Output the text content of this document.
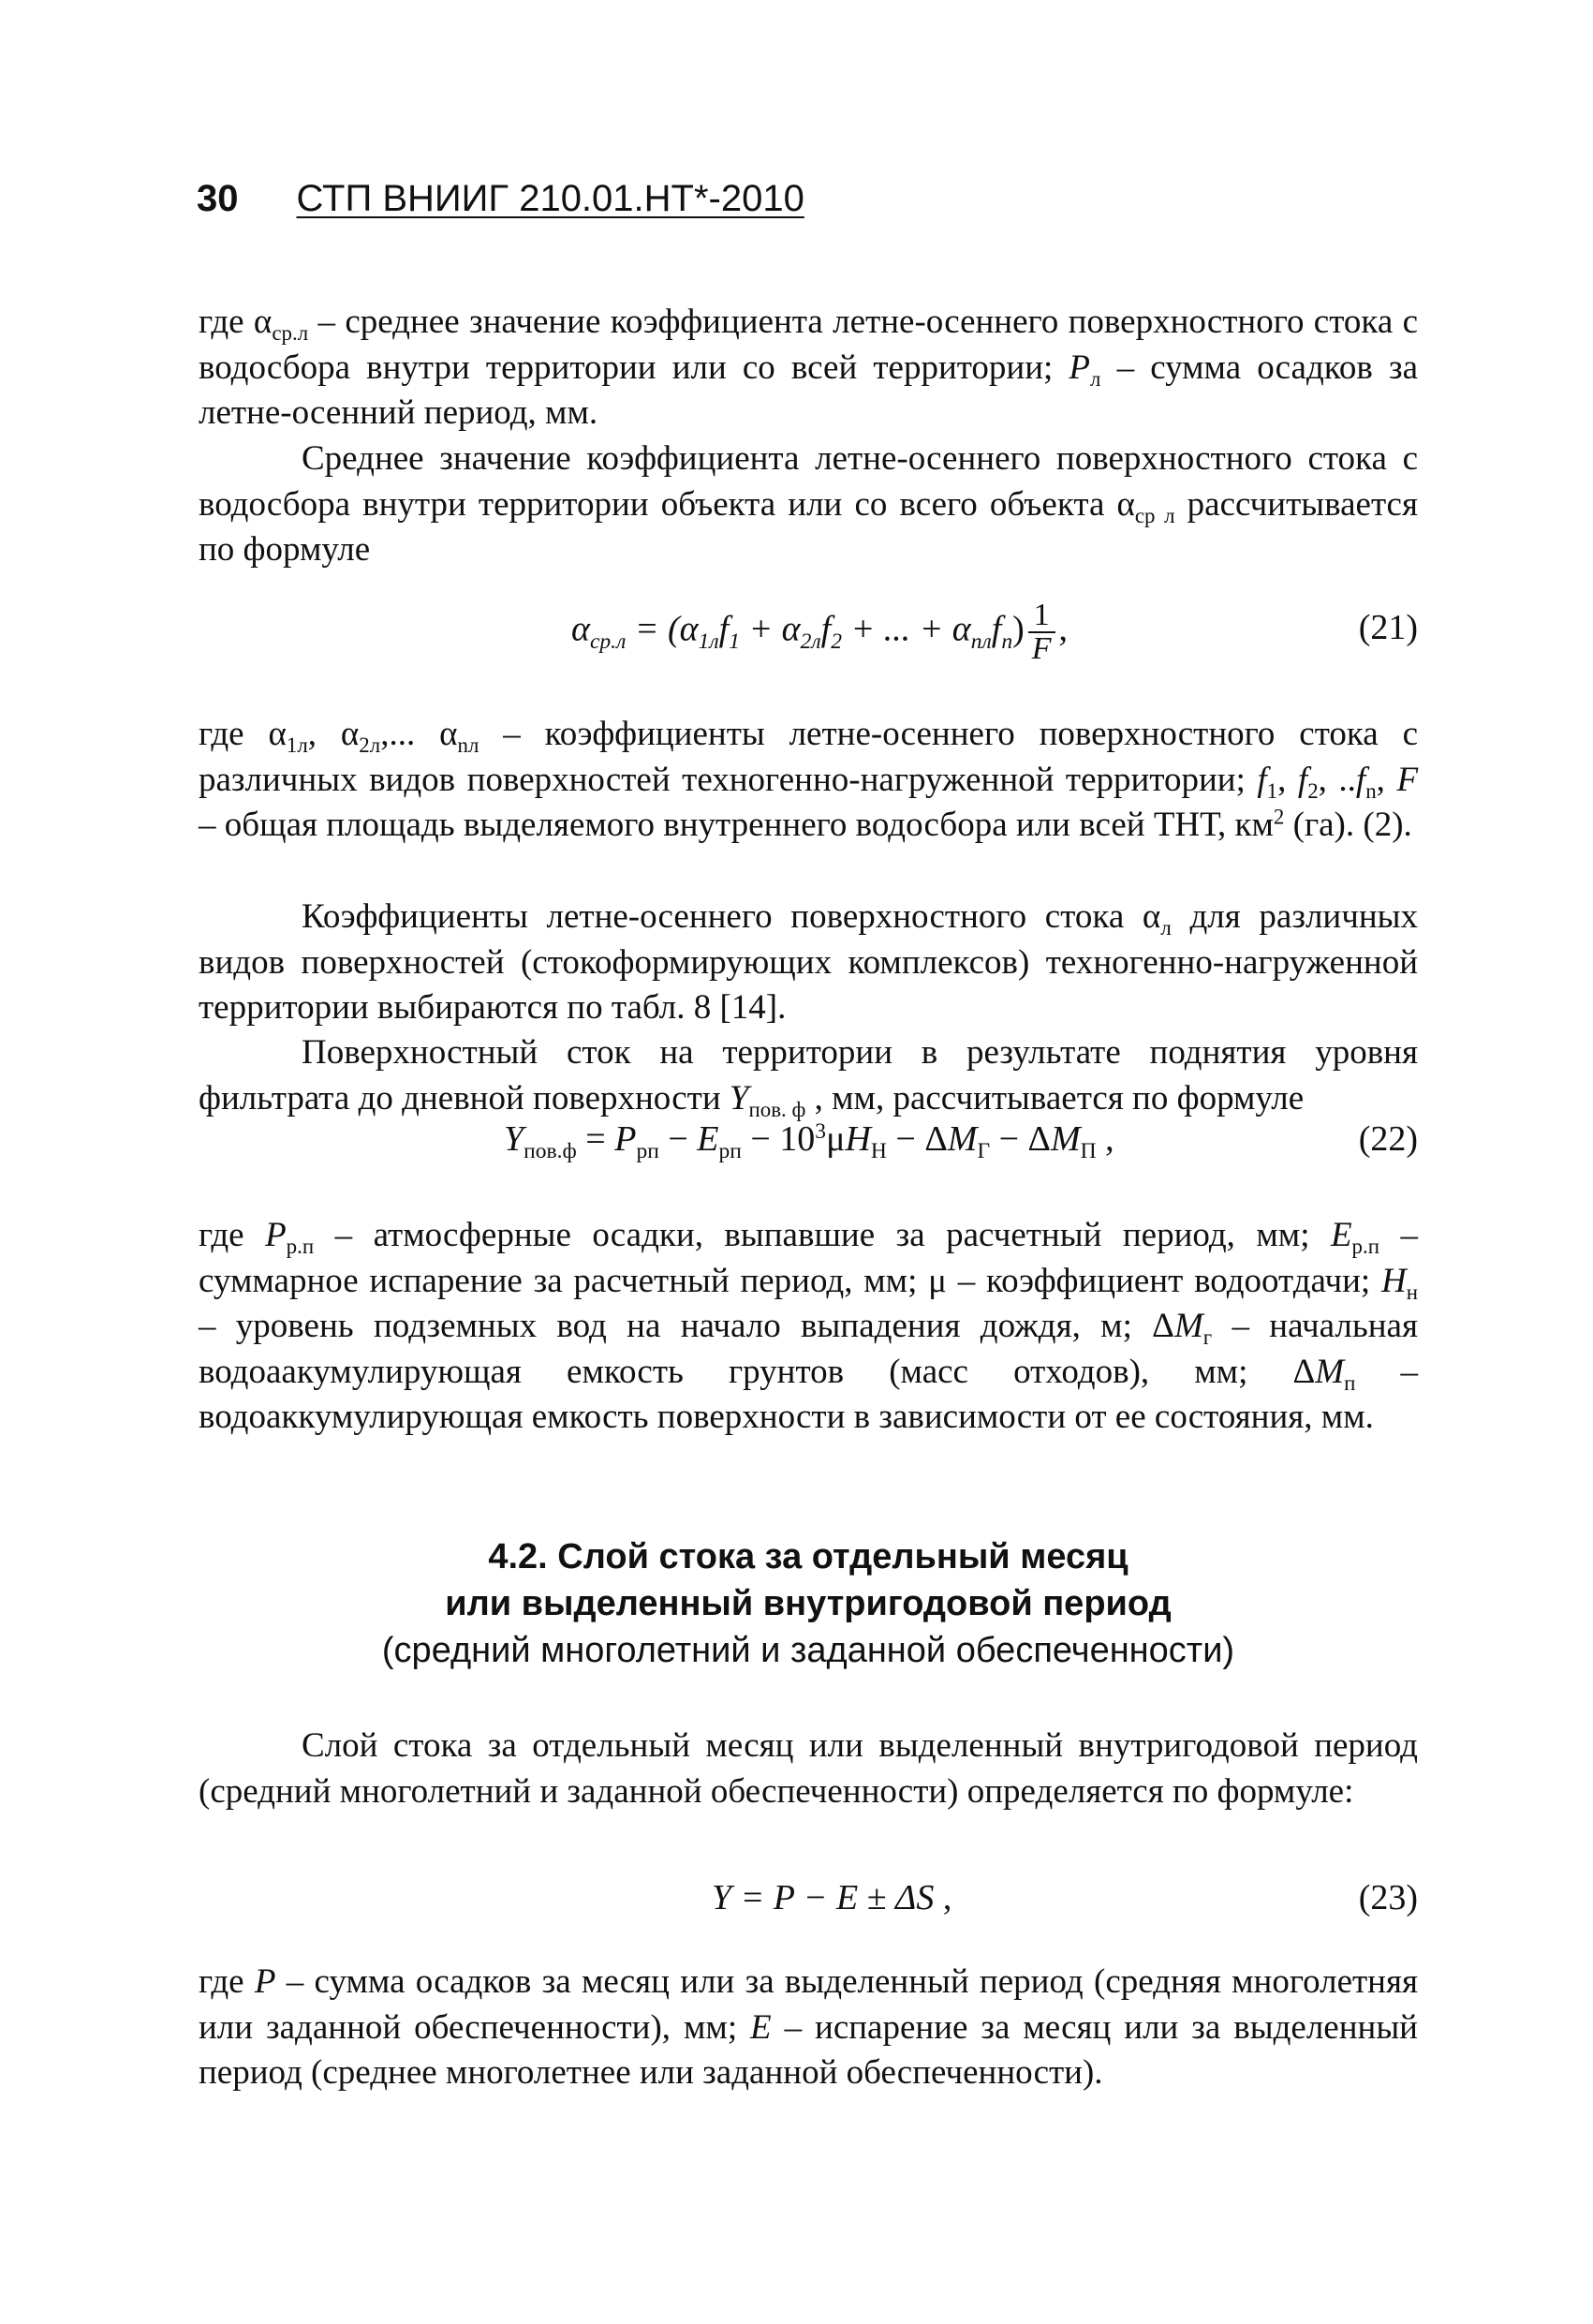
30 СТП ВНИИГ 210.01.НТ*-2010

где $\alpha_{ср.л}$ – среднее значение коэффициента летне-осеннего поверхностного стока с водосбора внутри территории или со всей территории; $P_л$ – сумма осадков за летне-осенний период, мм.

Среднее значение коэффициента летне-осеннего поверхностного стока с водосбора внутри территории объекта или со всего объекта $\alpha_{ср л}$ рассчитывается по формуле

$\alpha_{ср.л} = (\alpha_{1л}f_1 + \alpha_{2л}f_2$ + ... + $\alpha_{nл}f_n) \frac{1}{F}$ ,	(21)

где $\alpha_{1л}$, $\alpha_{2л}$,... $\alpha_{nл}$ – коэффициенты летне-осеннего поверхностного стока с различных видов поверхностей техногенно-нагруженной территории; $f_1$, $f_2$, $..f_n$, F – общая площадь выделяемого внутреннего водосбора или всей ТНТ, $км^2$ (га). (2).

Коэффициенты летне-осеннего поверхностного стока $\alpha_л$ для различных видов поверхностей (стокоформирующих комплексов) техногенно-нагруженной территории выбираются по табл. 8 [14].

Поверхностный сток на территории в результате поднятия уровня фильтрата до дневной поверхности $Y_{пов. ф}$ , мм, рассчитывается по формуле

$Y_{пов.ф} = P_{рп} - E_{рп} - 10^3\mu H_Н - \Delta M_Г - \Delta M_П$ ,	(22)

где $P_{р.п}$ – атмосферные осадки, выпавшие за расчетный период, мм; $E_{р.п}$ – суммарное испарение за расчетный период, мм; μ – коэффициент водоотдачи; $H_н$ – уровень подземных вод на начало выпадения дождя, м; $\Delta M_г$ – начальная водоаакумулирующая емкость грунтов (масс отходов), мм; $\Delta M_п$ – водоаккумулирующая емкость поверхности в зависимости от ее состояния, мм.

4.2. Слой стока за отдельный месяц
или выделенный внутригодовой период
(средний многолетний и заданной обеспеченности)

Слой стока за отдельный месяц или выделенный внутригодовой период (средний многолетний и заданной обеспеченности) определяется по формуле:

Y = P − E ± ΔS ,	(23)

где P – сумма осадков за месяц или за выделенный период (средняя многолетняя или заданной обеспеченности), мм; E – испарение за месяц или за выделенный период (среднее многолетнее или заданной обеспеченности).
